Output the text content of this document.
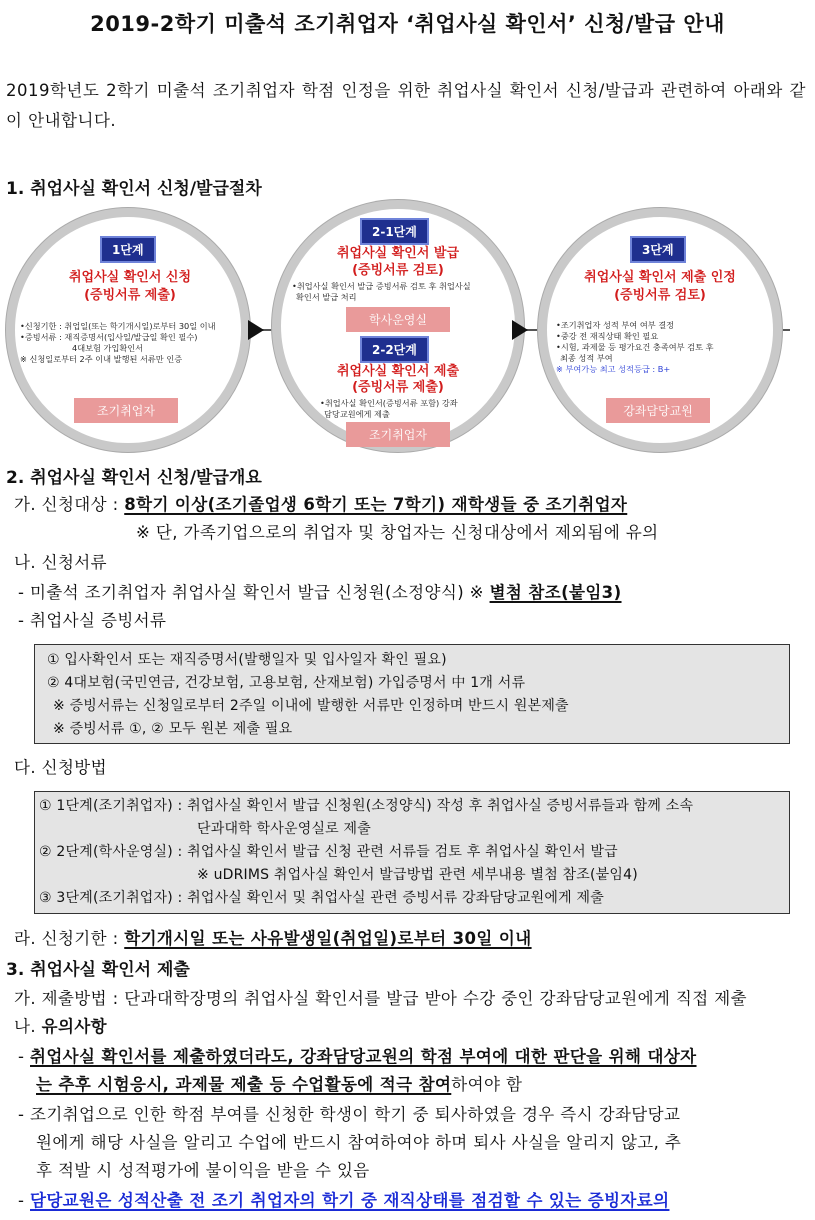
2019-2학기 미출석 조기취업자 ‘취업사실 확인서’ 신청/발급 안내
2019학년도 2학기 미출석 조기취업자 학점 인정을 위한 취업사실 확인서 신청/발급과 관련하여 아래와 같이 안내합니다.
1. 취업사실 확인서 신청/발급절차
1단계
취업사실 확인서 신청
(증빙서류 제출)
•신청기한 : 취업일(또는 학기개시일)로부터 30일 이내
•증빙서류 : 재직증명서(입사일/발급일 확인 필수)
4대보험 가입확인서
※ 신청일로부터 2주 이내 발행된 서류만 인증
조기취업자
2-1단계
취업사실 확인서 발급
(증빙서류 검토)
•취업사실 확인서 발급 증빙서류 검토 후 취업사실
확인서 발급 처리
학사운영실
2-2단계
취업사실 확인서 제출
(증빙서류 제출)
•취업사실 확인서(증빙서류 포함) 강좌
담당교원에게 제출
조기취업자
3단계
취업사실 확인서 제출 인정
(증빙서류 검토)
•조기취업자 성적 부여 여부 결정
•중강 전 재직상태 확인 필요
•시험, 과제물 등 평가요건 충족여부 검토 후
최종 성적 부여
※ 부여가능 최고 성적등급 : B+
강좌담당교원
2. 취업사실 확인서 신청/발급개요
가. 신청대상 : 8학기 이상(조기졸업생 6학기 또는 7학기) 재학생들 중 조기취업자
※ 단, 가족기업으로의 취업자 및 창업자는 신청대상에서 제외됨에 유의
나. 신청서류
- 미출석 조기취업자 취업사실 확인서 발급 신청원(소정양식) ※ 별첨 참조(붙임3)
- 취업사실 증빙서류
① 입사확인서 또는 재직증명서(발행일자 및 입사일자 확인 필요)
② 4대보험(국민연금, 건강보험, 고용보험, 산재보험) 가입증명서 中 1개 서류
※ 증빙서류는 신청일로부터 2주일 이내에 발행한 서류만 인정하며 반드시 원본제출
※ 증빙서류 ①, ② 모두 원본 제출 필요
다. 신청방법
① 1단계(조기취업자) : 취업사실 확인서 발급 신청원(소정양식) 작성 후 취업사실 증빙서류들과 함께 소속
단과대학 학사운영실로 제출
② 2단계(학사운영실) : 취업사실 확인서 발급 신청 관련 서류들 검토 후 취업사실 확인서 발급
※ uDRIMS 취업사실 확인서 발급방법 관련 세부내용 별첨 참조(붙임4)
③ 3단계(조기취업자) : 취업사실 확인서 및 취업사실 관련 증빙서류 강좌담당교원에게 제출
라. 신청기한 : 학기개시일 또는 사유발생일(취업일)로부터 30일 이내
3. 취업사실 확인서 제출
가. 제출방법 : 단과대학장명의 취업사실 확인서를 발급 받아 수강 중인 강좌담당교원에게 직접 제출
나. 유의사항
- 취업사실 확인서를 제출하였더라도, 강좌담당교원의 학점 부여에 대한 판단을 위해 대상자
는 추후 시험응시, 과제물 제출 등 수업활동에 적극 참여하여야 함
- 조기취업으로 인한 학점 부여를 신청한 학생이 학기 중 퇴사하였을 경우 즉시 강좌담당교
원에게 해당 사실을 알리고 수업에 반드시 참여하여야 하며 퇴사 사실을 알리지 않고, 추
후 적발 시 성적평가에 불이익을 받을 수 있음
- 담당교원은 성적산출 전 조기 취업자의 학기 중 재직상태를 점검할 수 있는 증빙자료의
